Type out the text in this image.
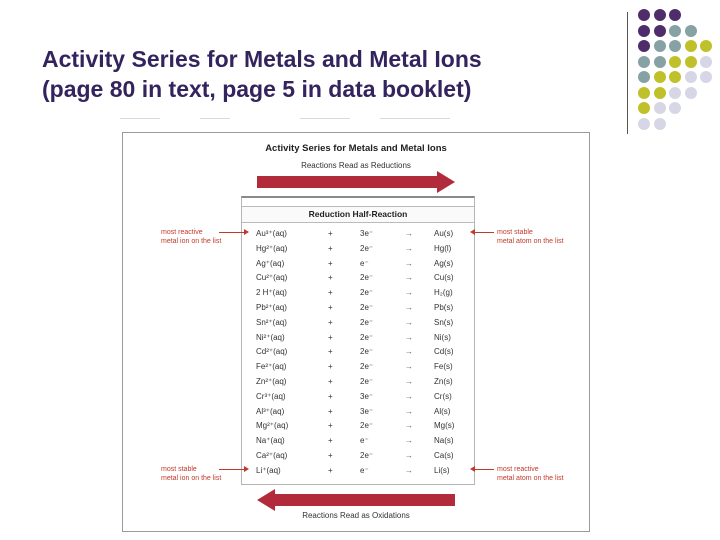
Activity Series for Metals and Metal Ions
(page 80 in text, page 5 in data booklet)
Activity Series for Metals and Metal Ions
Reactions Read as Reductions
Reduction Half-Reaction
Au³⁺(aq)	+	3e⁻	→	Au(s)
Hg²⁺(aq)	+	2e⁻	→	Hg(l)
Ag⁺(aq)	+	e⁻	→	Ag(s)
Cu²⁺(aq)	+	2e⁻	→	Cu(s)
2 H⁺(aq)	+	2e⁻	→	H₂(g)
Pb²⁺(aq)	+	2e⁻	→	Pb(s)
Sn²⁺(aq)	+	2e⁻	→	Sn(s)
Ni²⁺(aq)	+	2e⁻	→	Ni(s)
Cd²⁺(aq)	+	2e⁻	→	Cd(s)
Fe²⁺(aq)	+	2e⁻	→	Fe(s)
Zn²⁺(aq)	+	2e⁻	→	Zn(s)
Cr³⁺(aq)	+	3e⁻	→	Cr(s)
Al³⁺(aq)	+	3e⁻	→	Al(s)
Mg²⁺(aq)	+	2e⁻	→	Mg(s)
Na⁺(aq)	+	e⁻	→	Na(s)
Ca²⁺(aq)	+	2e⁻	→	Ca(s)
Li⁺(aq)	+	e⁻	→	Li(s)
most reactive
metal ion on the list
most stable
metal atom on the list
most stable
metal ion on the list
most reactive
metal atom on the list
Reactions Read as Oxidations
